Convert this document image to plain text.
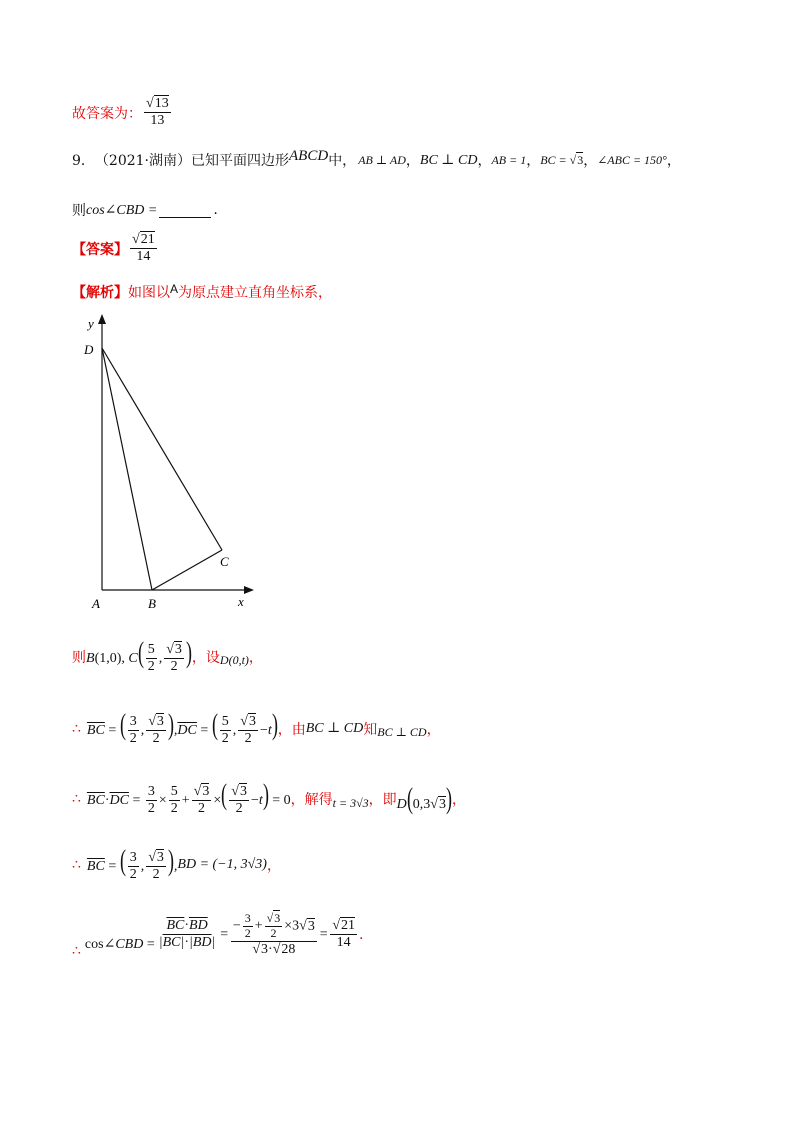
故答案为： $\frac{√13}{13}$
9． （2021·湖南） 已知平面四边形 ABCD 中， AB ⊥ AD ， BC ⊥ CD ， AB = 1 ， BC = √3 ， ∠ABC = 150° ，
则 cos∠CBD =	.
【答案】 $\frac{√21}{14}$
【解析】 如图以 A 为原点建立直角坐标系，
y
x
D
C
A	B
则 B(1,0), $C( \frac{5}{2}$ , $\frac{√3}{2}$ ) ，设 D(0,t) ，
∴ $\overline{BC}$ = ( $\frac{3}{2}$ , $\frac{√3}{2} ),\overline{DC}$ = ( $\frac{5}{2}$ , $\frac{√3}{2} -t$) ，由 BC ⊥ CD 知 BC ⊥ CD ，
∴ $\overline{BC}\cdot\overline{DC} = \frac{3}{2} \times \frac{5}{2} + \frac{√3}{2}$ ×( $\frac{√3}{2} -t) = 0$ ，解得 t = 3√3 ，即 D(0,3√3) ，
∴ $\overline{BC}$ = ( $\frac{3}{2}$ , $\frac{√3}{2}$ ), BD = (−1, 3√3) ，
∴ cos∠CBD = $\frac{\overline{BC}\cdot\overline{BD}}{|\overline{BC}|\cdot|\overline{BD}|} = \frac{- \frac{3}{2} + \frac{√3}{2} \times 3√3}{√3\cdot√28} = \frac{√21}{14}$ .
